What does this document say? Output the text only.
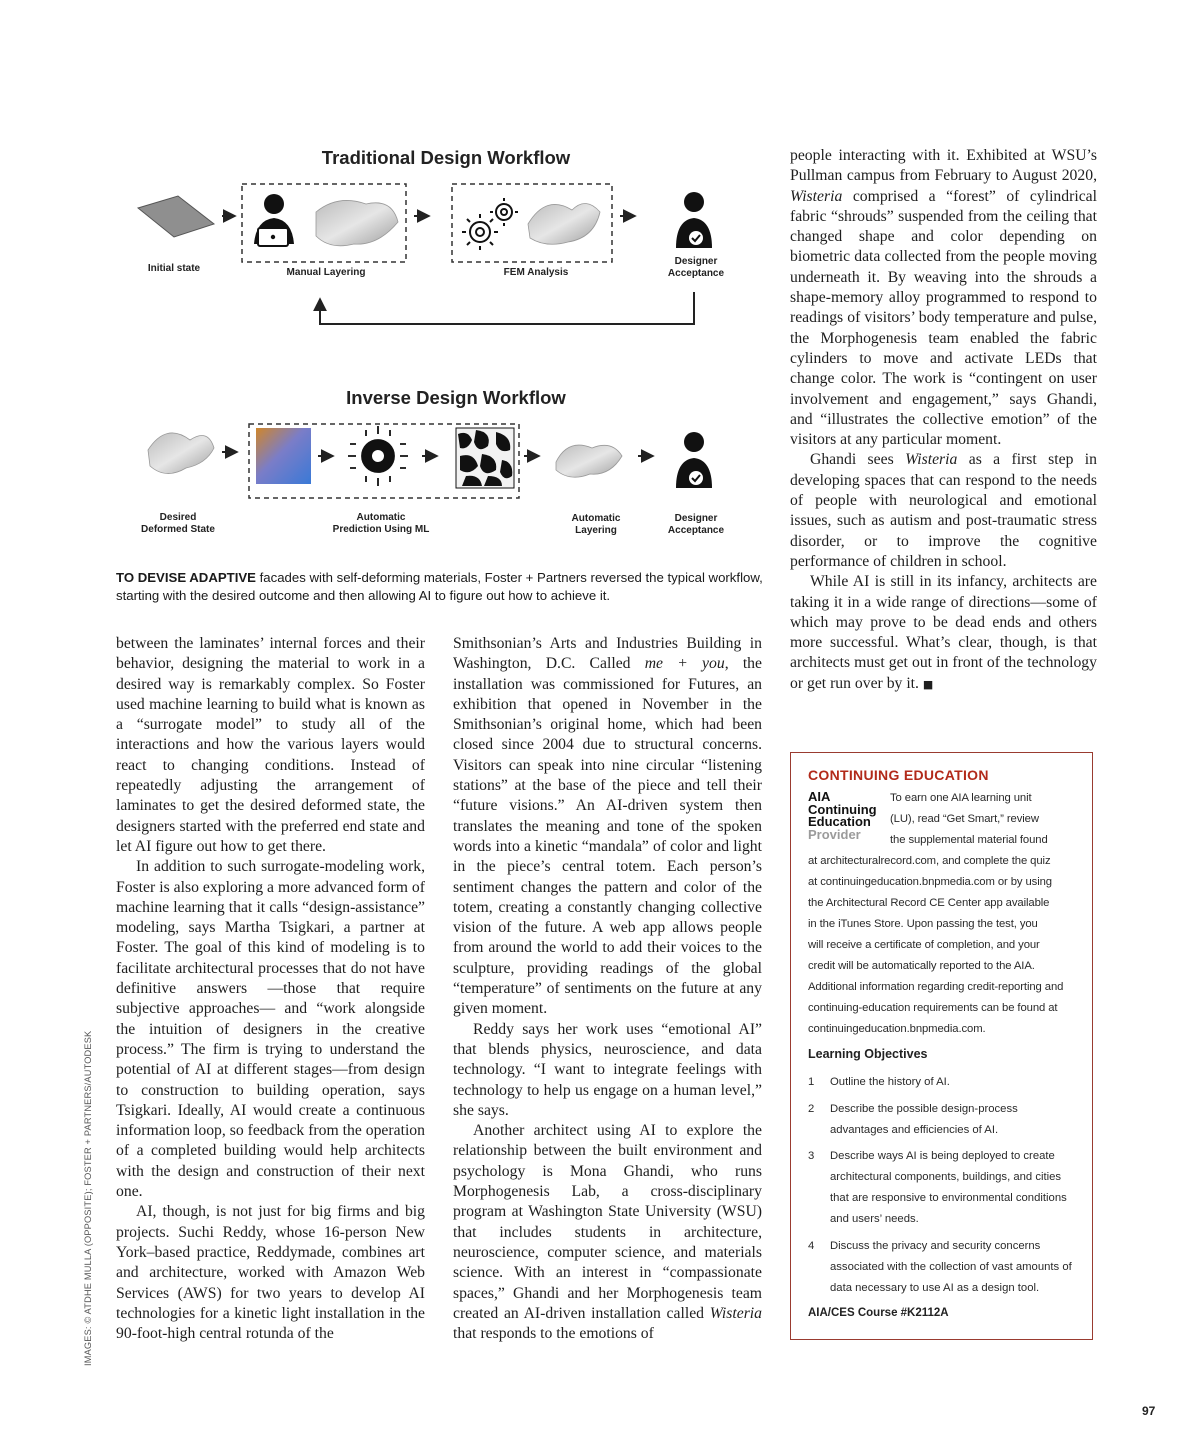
Traditional Design Workflow
Initial state	Manual Layering	FEM Analysis
Designer
Acceptance
Inverse Design Workflow
Desired
Deformed State
Automatic
Prediction Using ML
Automatic
Layering
Designer
Acceptance
TO DEVISE ADAPTIVE facades with self-deforming materials, Foster + Partners reversed the typical workflow, starting with the desired outcome and then allowing AI to figure out how to achieve it.

between the laminates’ internal forces and their behavior, designing the material to work in a desired way is remarkably complex. So Foster used machine learning to build what is known as a “surrogate model” to study all of the interactions and how the various layers would react to changing conditions. Instead of repeatedly adjusting the arrangement of laminates to get the desired deformed state, the designers started with the preferred end state and let AI figure out how to get there.

In addition to such surrogate-modeling work, Foster is also exploring a more advanced form of machine learning that it calls “design-assistance” modeling, says Martha Tsigkari, a partner at Foster. The goal of this kind of modeling is to facilitate architectural processes that do not have definitive answers —those that require subjective approaches— and “work alongside the intuition of designers in the creative process.” The firm is trying to understand the potential of AI at different stages—from design to construction to building operation, says Tsigkari. Ideally, AI would create a continuous information loop, so feedback from the operation of a completed building would help architects with the design and construction of their next one.

AI, though, is not just for big firms and big projects. Suchi Reddy, whose 16-person New York–based practice, Reddymade, combines art and architecture, worked with Amazon Web Services (AWS) for two years to develop AI technologies for a kinetic light installation in the 90-foot-high central rotunda of the

Smithsonian’s Arts and Industries Building in Washington, D.C. Called me + you, the installation was commissioned for Futures, an exhibition that opened in November in the Smithsonian’s original home, which had been closed since 2004 due to structural concerns. Visitors can speak into nine circular “listening stations” at the base of the piece and tell their “future visions.” An AI-driven system then translates the meaning and tone of the spoken words into a kinetic “mandala” of color and light in the piece’s central totem. Each person’s sentiment changes the pattern and color of the totem, creating a constantly changing collective vision of the future. A web app allows people from around the world to add their voices to the sculpture, providing readings of the global “temperature” of sentiments on the future at any given moment.

Reddy says her work uses “emotional AI” that blends physics, neuroscience, and data technology. “I want to integrate feelings with technology to help us engage on a human level,” she says.

Another architect using AI to explore the relationship between the built environment and psychology is Mona Ghandi, who runs Morphogenesis Lab, a cross-disciplinary program at Washington State University (WSU) that includes students in architecture, neuroscience, computer science, and materials science. With an interest in “compassionate spaces,” Ghandi and her Morphogenesis team created an AI-driven installation called Wisteria that responds to the emotions of

people interacting with it. Exhibited at WSU’s Pullman campus from February to August 2020, Wisteria comprised a “forest” of cylindrical fabric “shrouds” suspended from the ceiling that changed shape and color depending on biometric data collected from the people moving underneath it. By weaving into the shrouds a shape-memory alloy programmed to respond to readings of visitors’ body temperature and pulse, the Morphogenesis team enabled the fabric cylinders to move and activate LEDs that change color. The work is “contingent on user involvement and engagement,” says Ghandi, and “illustrates the collective emotion” of the visitors at any particular moment.

Ghandi sees Wisteria as a first step in developing spaces that can respond to the needs of people with neurological and emotional issues, such as autism and post-traumatic stress disorder, or to improve the cognitive performance of children in school.

While AI is still in its infancy, architects are taking it in a wide range of directions—some of which may prove to be dead ends and others more successful. What’s clear, though, is that architects must get out in front of the technology or get run over by it. ■

IMAGES: © ATDHE MULLA (OPPOSITE); FOSTER + PARTNERS/AUTODESK
CONTINUING EDUCATION
AIA
Continuing
Education
Provider
To earn one AIA learning unit
(LU), read “Get Smart,” review
the supplemental material found
at architecturalrecord.com, and complete the quiz
at continuingeducation.bnpmedia.com or by using
the Architectural Record CE Center app available
in the iTunes Store. Upon passing the test, you
will receive a certificate of completion, and your
credit will be automatically reported to the AIA.
Additional information regarding credit-reporting and
continuing-education requirements can be found at
continuingeducation.bnpmedia.com.
Learning Objectives
1 Outline the history of AI.
2 Describe the possible design-process advantages and efficiencies of AI.
3 Describe ways AI is being deployed to create architectural components, buildings, and cities that are responsive to environmental conditions and users’ needs.
4 Discuss the privacy and security concerns associated with the collection of vast amounts of data necessary to use AI as a design tool.
AIA/CES Course #K2112A
97
